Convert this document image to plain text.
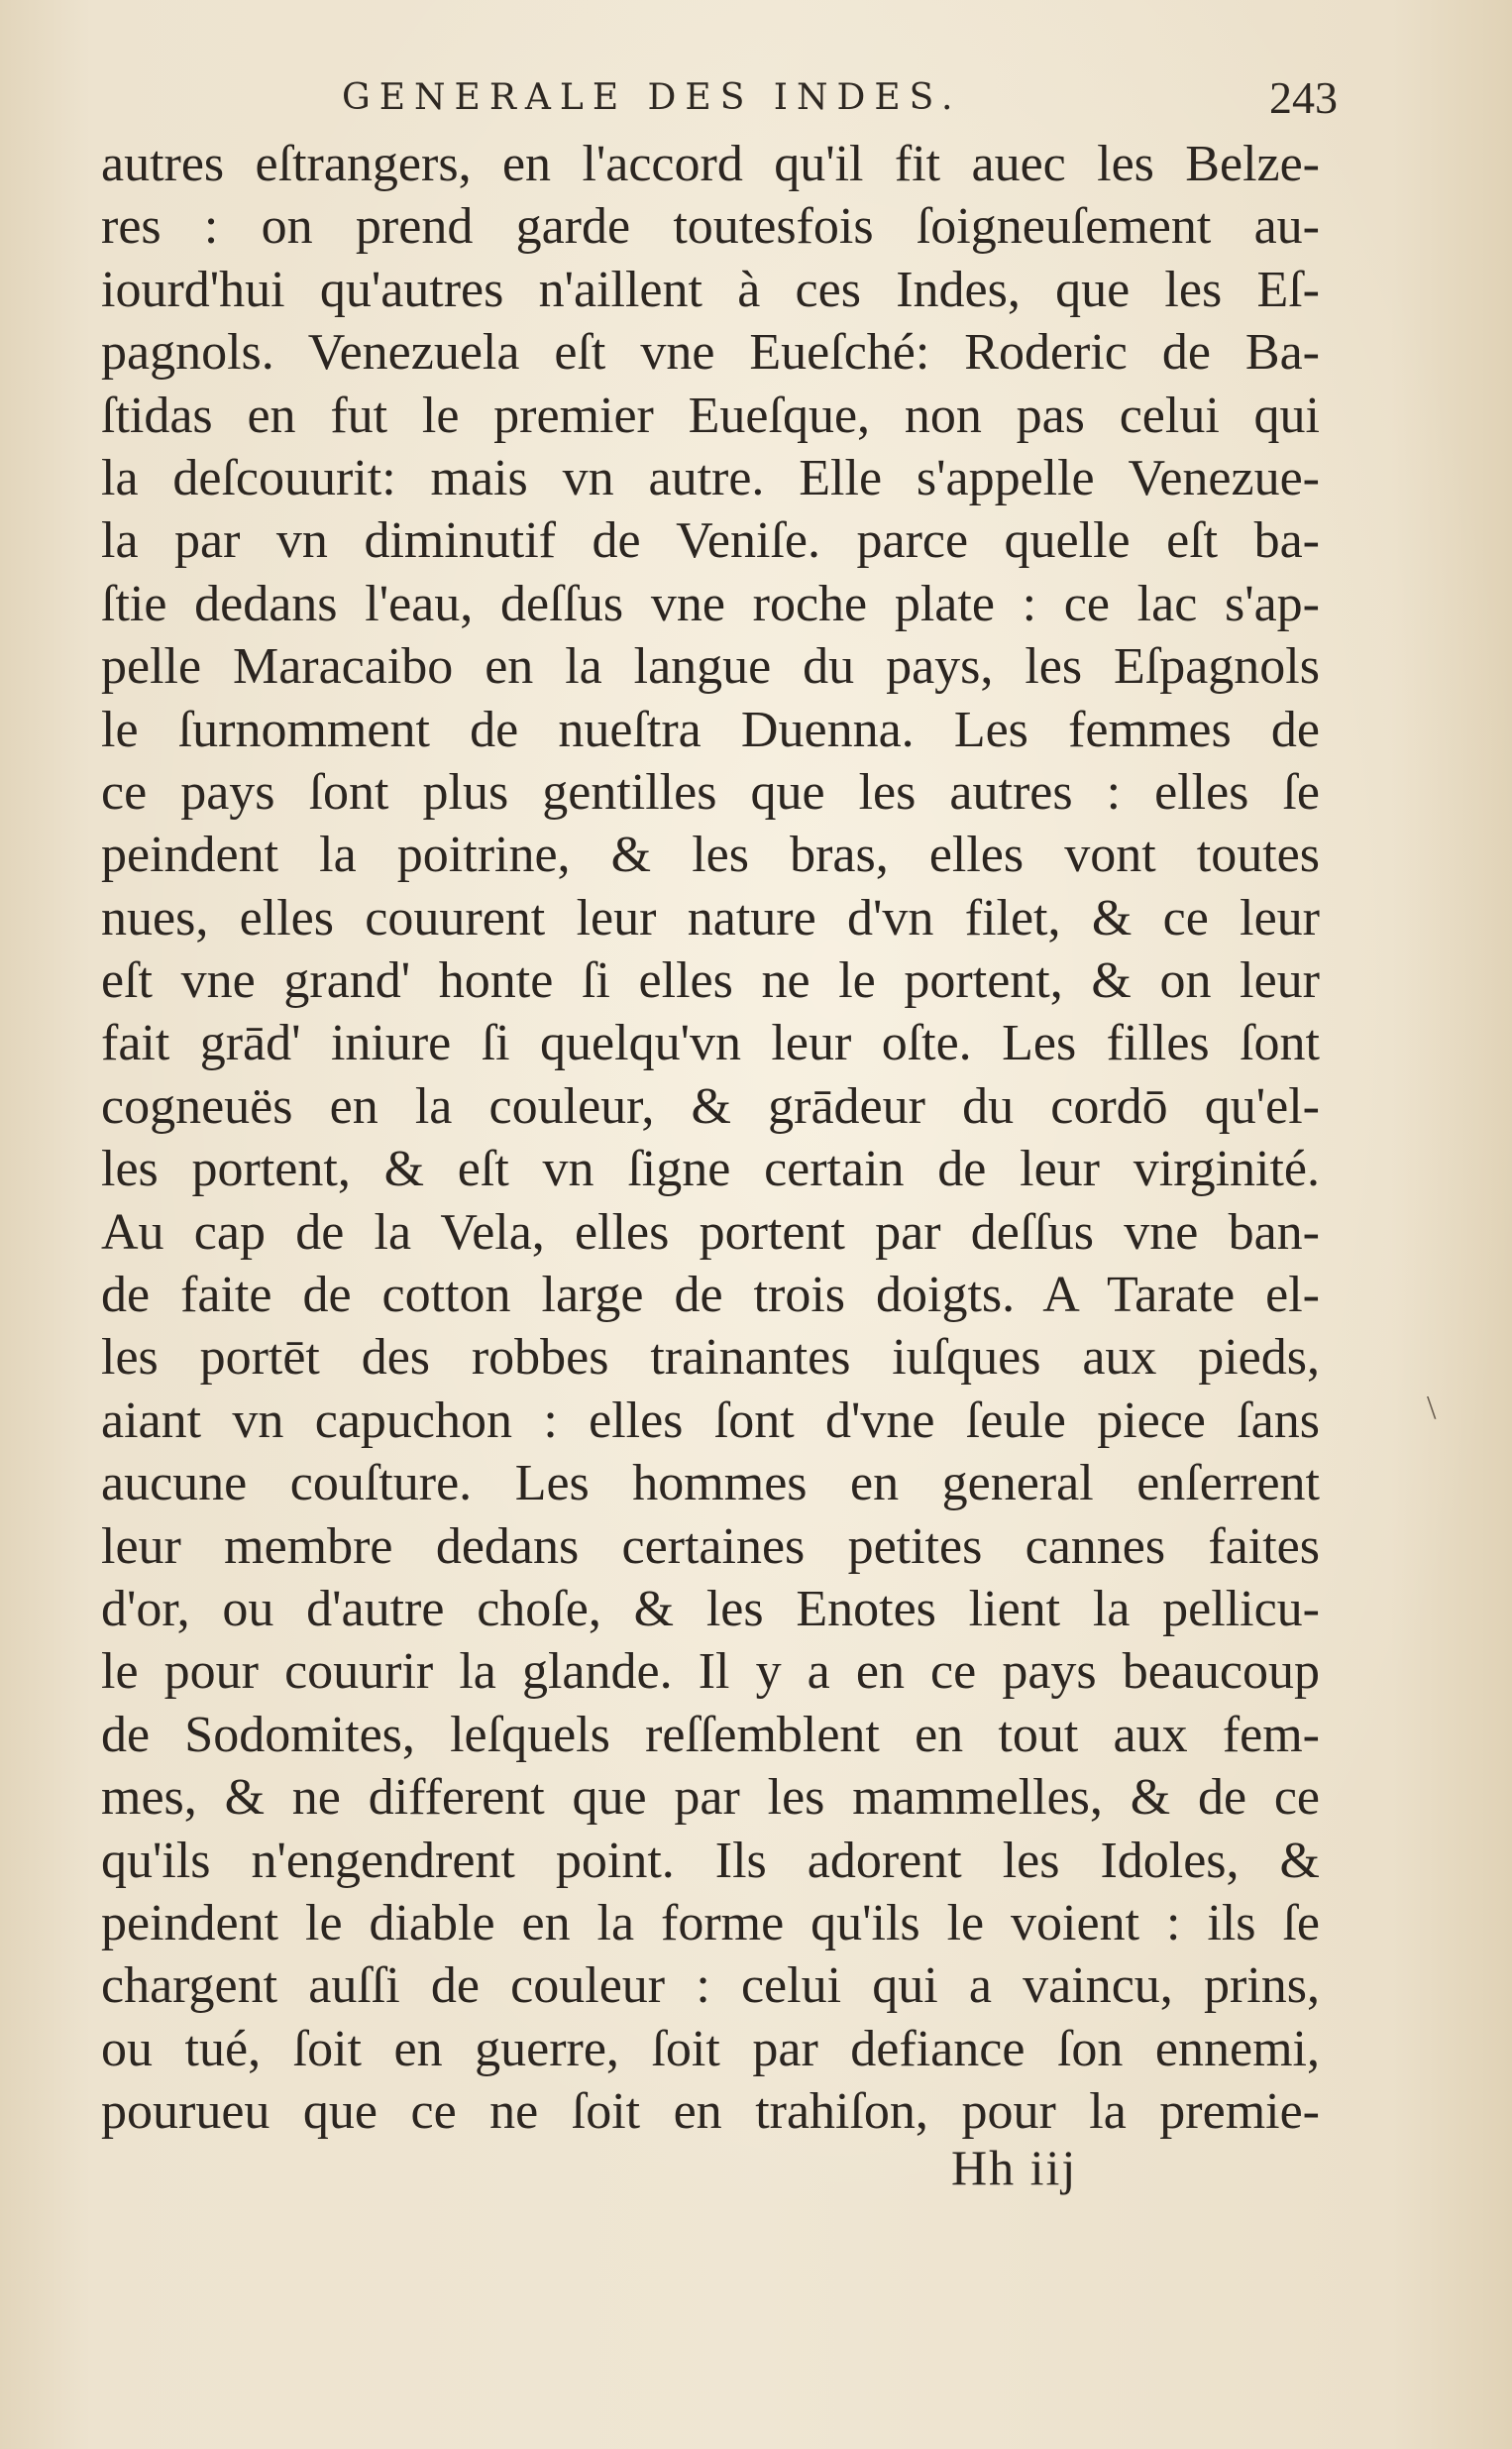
GENERALE DES INDES.	243
autres eſtrangers, en l'accord qu'il fit auec les Belze-
res : on prend garde toutesfois ſoigneuſement au-
iourd'hui qu'autres n'aillent à ces Indes, que les Eſ-
pagnols. Venezuela eſt vne Eueſché: Roderic de Ba-
ſtidas en fut le premier Eueſque, non pas celui qui
la deſcouurit: mais vn autre. Elle s'appelle Venezue-
la par vn diminutif de Veniſe. parce quelle eſt ba-
ſtie dedans l'eau, deſſus vne roche plate : ce lac s'ap-
pelle Maracaibo en la langue du pays, les Eſpagnols
le ſurnomment de nueſtra Duenna. Les femmes de
ce pays ſont plus gentilles que les autres : elles ſe
peindent la poitrine, & les bras, elles vont toutes
nues, elles couurent leur nature d'vn filet, & ce leur
eſt vne grand' honte ſi elles ne le portent, & on leur
fait grād' iniure ſi quelqu'vn leur oſte. Les filles ſont
cogneuës en la couleur, & grādeur du cordō qu'el-
les portent, & eſt vn ſigne certain de leur virginité.
Au cap de la Vela, elles portent par deſſus vne ban-
de faite de cotton large de trois doigts. A Tarate el-
les portēt des robbes trainantes iuſques aux pieds,
aiant vn capuchon : elles ſont d'vne ſeule piece ſans
aucune couſture. Les hommes en general enſerrent
leur membre dedans certaines petites cannes faites
d'or, ou d'autre choſe, & les Enotes lient la pellicu-
le pour couurir la glande. Il y a en ce pays beaucoup
de Sodomites, leſquels reſſemblent en tout aux fem-
mes, & ne different que par les mammelles, & de ce
qu'ils n'engendrent point. Ils adorent les Idoles, &
peindent le diable en la forme qu'ils le voient : ils ſe
chargent auſſi de couleur : celui qui a vaincu, prins,
ou tué, ſoit en guerre, ſoit par defiance ſon ennemi,
pourueu que ce ne ſoit en trahiſon, pour la premie-
\
Hh iij
